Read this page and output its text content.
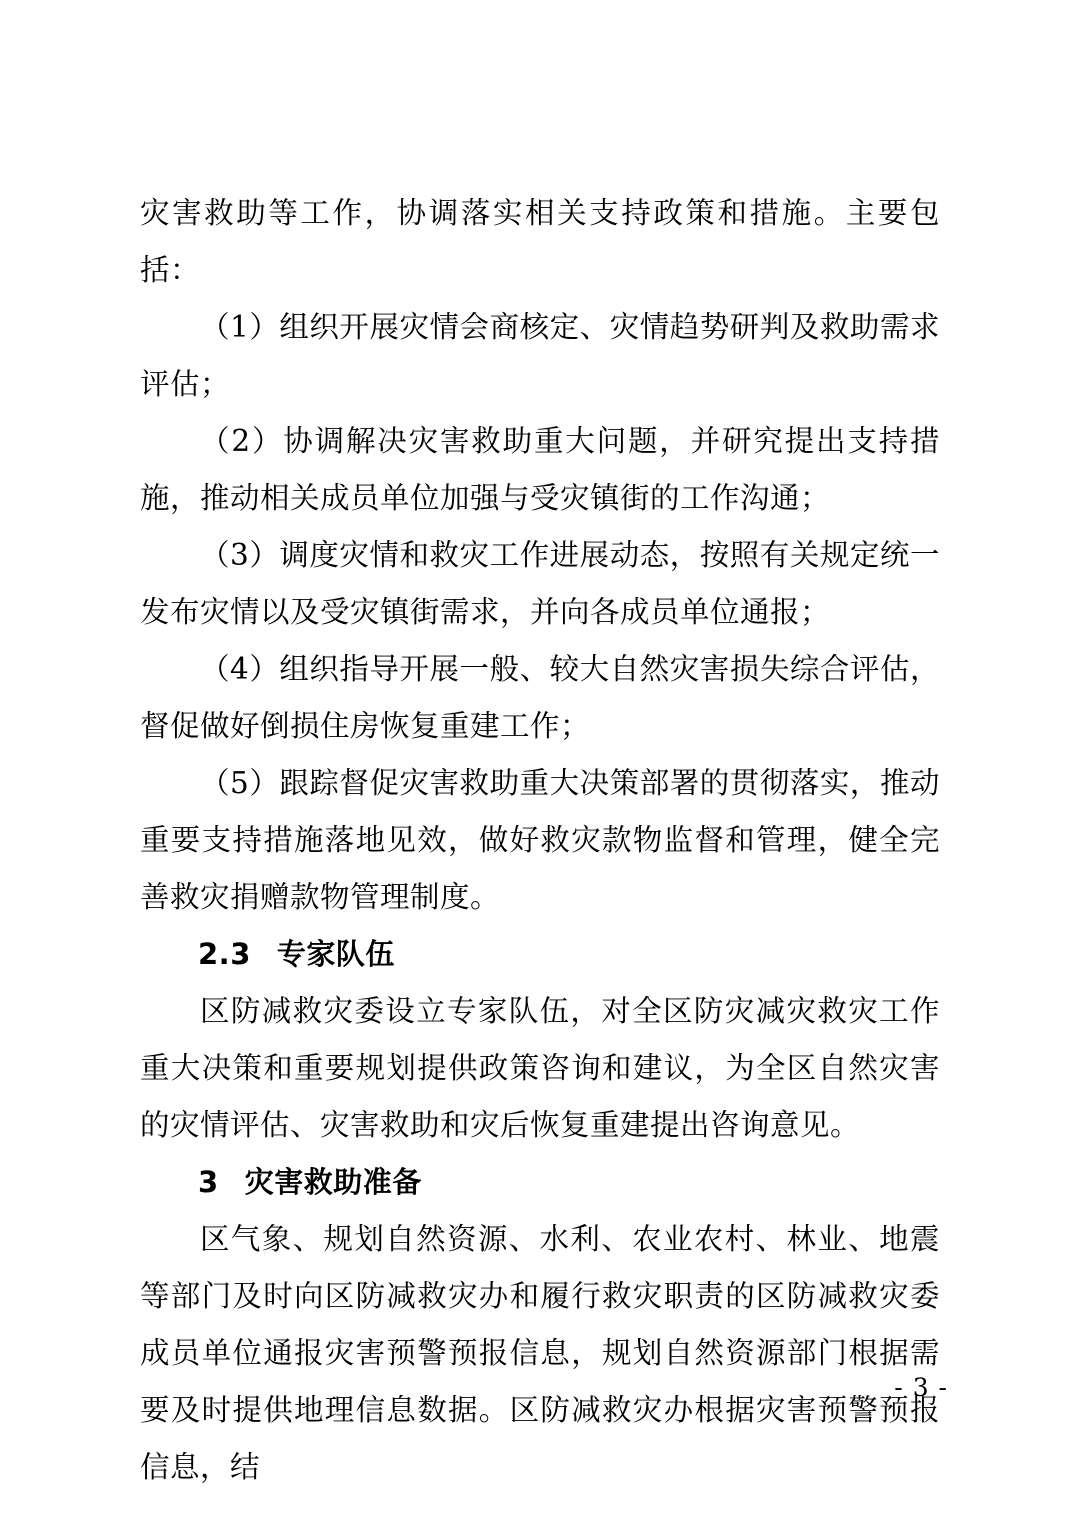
灾害救助等工作，协调落实相关支持政策和措施。主要包括：

（1）组织开展灾情会商核定、灾情趋势研判及救助需求评估；

（2）协调解决灾害救助重大问题，并研究提出支持措施，推动相关成员单位加强与受灾镇街的工作沟通；

（3）调度灾情和救灾工作进展动态，按照有关规定统一发布灾情以及受灾镇街需求，并向各成员单位通报；

（4）组织指导开展一般、较大自然灾害损失综合评估，督促做好倒损住房恢复重建工作；

（5）跟踪督促灾害救助重大决策部署的贯彻落实，推动重要支持措施落地见效，做好救灾款物监督和管理，健全完善救灾捐赠款物管理制度。

2.3 专家队伍

区防减救灾委设立专家队伍，对全区防灾减灾救灾工作重大决策和重要规划提供政策咨询和建议，为全区自然灾害的灾情评估、灾害救助和灾后恢复重建提出咨询意见。

3 灾害救助准备

区气象、规划自然资源、水利、农业农村、林业、地震等部门及时向区防减救灾办和履行救灾职责的区防减救灾委成员单位通报灾害预警预报信息，规划自然资源部门根据需要及时提供地理信息数据。区防减救灾办根据灾害预警预报信息，结

- 3 -
